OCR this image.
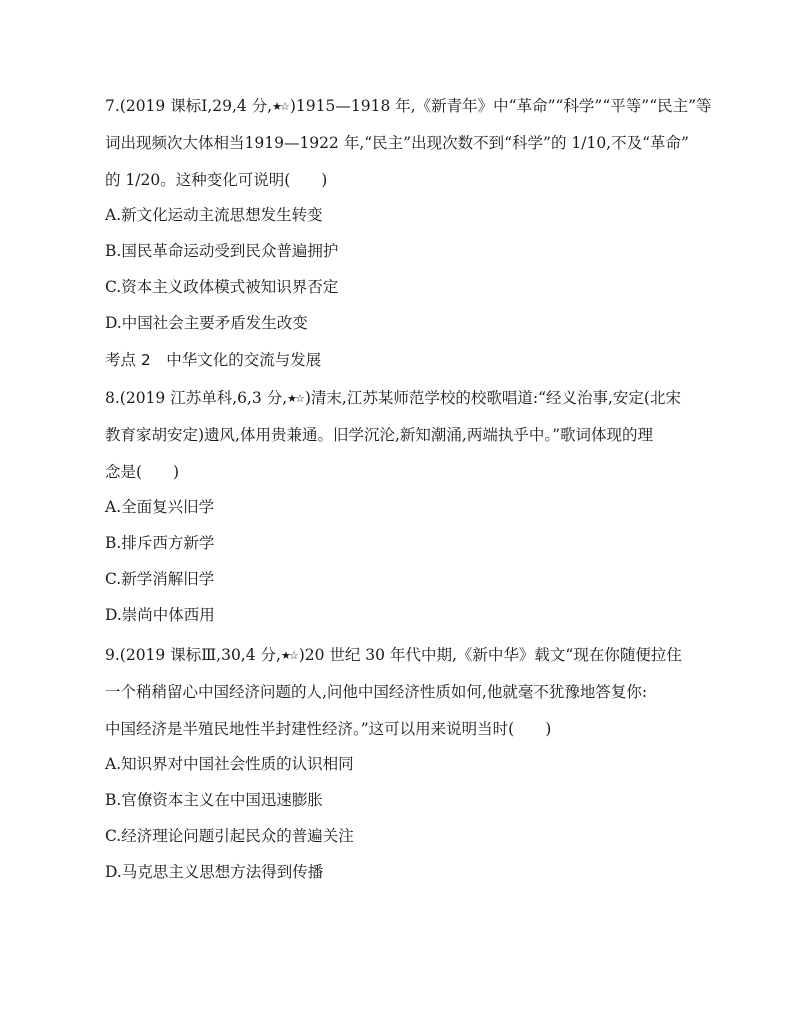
7.(2019 课标Ⅰ,29,4 分,★☆ )1915—1918 年,《新青年》中“革命”“科学”“平等”“民主”等
词出现频次大体相当1919—1922 年,“民主”出现次数不到“科学”的 1/10,不及“革命”
的 1/20。这种变化可说明(　　)
A.新文化运动主流思想发生转变
B.国民革命运动受到民众普遍拥护
C.资本主义政体模式被知识界否定
D.中国社会主要矛盾发生改变
考点 2　中华文化的交流与发展
8.(2019 江苏单科,6,3 分,★☆ )清末,江苏某师范学校的校歌唱道:“经义治事,安定(北宋
教育家胡安定)遗风,体用贵兼通。旧学沉沦,新知潮涌,两端执乎中。”歌词体现的理
念是(　　)
A.全面复兴旧学
B.排斥西方新学
C.新学消解旧学
D.崇尚中体西用
9.(2019 课标Ⅲ,30,4 分,★☆ )20 世纪 30 年代中期,《新中华》载文“现在你随便拉住
一个稍稍留心中国经济问题的人,问他中国经济性质如何,他就毫不犹豫地答复你:
中国经济是半殖民地性半封建性经济。”这可以用来说明当时(　　)
A.知识界对中国社会性质的认识相同
B.官僚资本主义在中国迅速膨胀
C.经济理论问题引起民众的普遍关注
D.马克思主义思想方法得到传播
